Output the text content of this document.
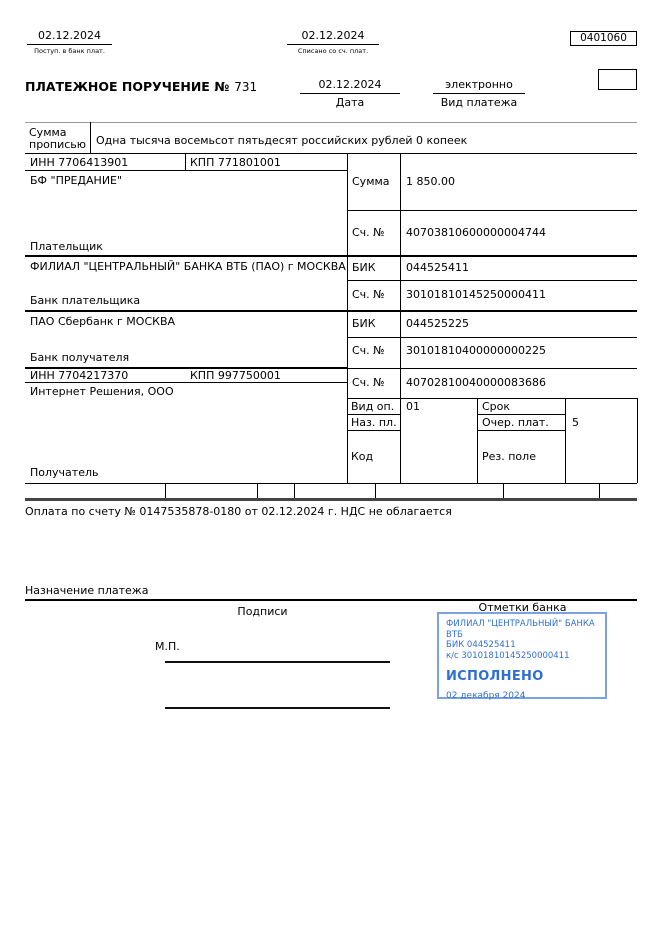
02.12.2024
Поступ. в банк плат.
02.12.2024
Списано со сч. плат.
0401060
ПЛАТЕЖНОЕ ПОРУЧЕНИЕ № 731	02.12.2024
Дата
электронно
Вид платежа
Сумма прописью Одна тысяча восемьсот пятьдесят российских рублей 0 копеек
ИНН 7706413901	КПП 771801001
БФ "ПРЕДАНИЕ"
Плательщик
Сумма 1 850.00
Сч. № 40703810600000004744
ФИЛИАЛ "ЦЕНТРАЛЬНЫЙ" БАНКА ВТБ (ПАО) г МОСКВА
Банк плательщика
БИК	044525411
Сч. № 30101810145250000411
ПАО Сбербанк г МОСКВА
Банк получателя
БИК	044525225
Сч. № 30101810400000000225
ИНН 7704217370	КПП 997750001
Интернет Решения, ООО
Получатель
Сч. № 40702810040000083686
Вид оп. 01	Срок
Наз. пл.	Очер. плат. 5
Код	Рез. поле
Оплата по счету № 0147535878-0180 от 02.12.2024 г. НДС не облагается
Назначение платежа
Подписи	Отметки банка
М.П.
ФИЛИАЛ "ЦЕНТРАЛЬНЫЙ" БАНКА ВТБ
БИК 044525411
к/с 30101810145250000411
ИСПОЛНЕНО
02 декабря 2024
